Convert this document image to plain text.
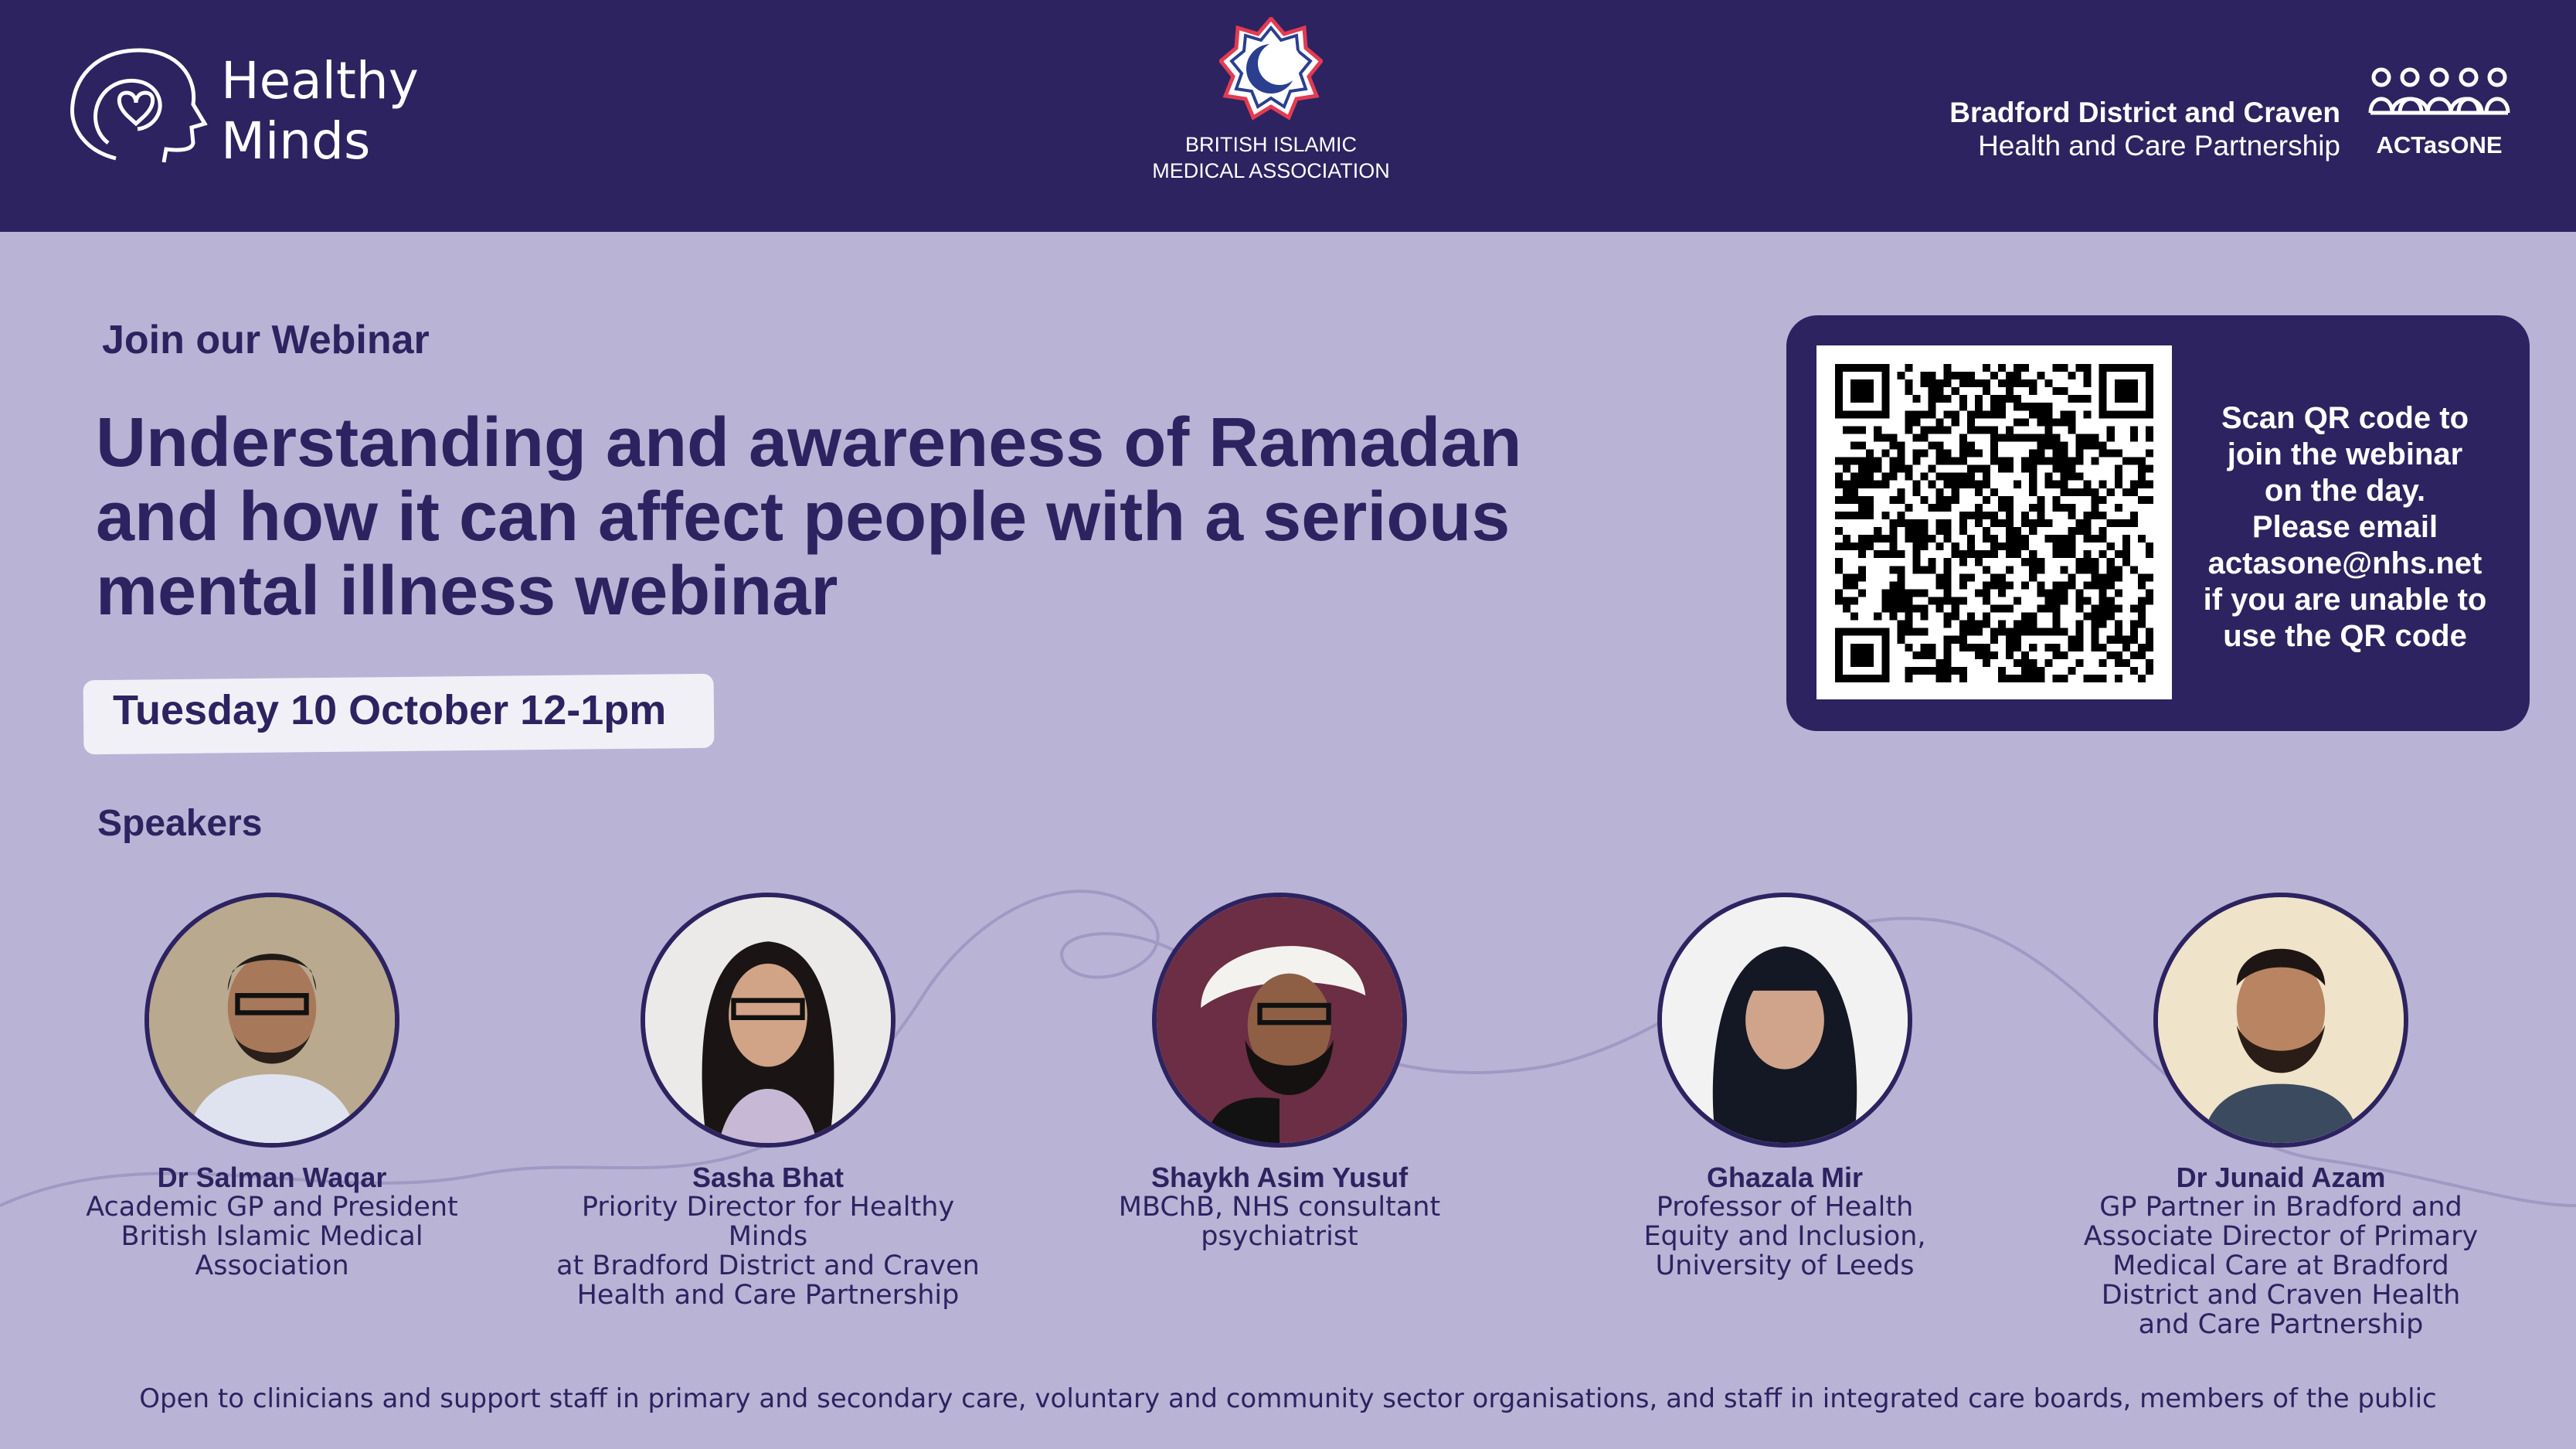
Healthy
Minds	BRITISH ISLAMIC
MEDICAL ASSOCIATION
Bradford District and Craven
Health and Care Partnership	ACTasONE
Join our Webinar
Understanding and awareness of Ramadan
and how it can affect people with a serious
mental illness webinar
Tuesday 10 October 12-1pm
Speakers
Scan QR code to
join the webinar
on the day.
Please email
actasone@nhs.net
if you are unable to
use the QR code
Dr Salman Waqar
Academic GP and President
British Islamic Medical
Association
Sasha Bhat
Priority Director for Healthy Minds
at Bradford District and Craven
Health and Care Partnership
Shaykh Asim Yusuf
MBChB, NHS consultant
psychiatrist
Ghazala Mir
Professor of Health
Equity and Inclusion,
University of Leeds
Dr Junaid Azam
GP Partner in Bradford and
Associate Director of Primary
Medical Care at Bradford
District and Craven Health
and Care Partnership
Open to clinicians and support staff in primary and secondary care, voluntary and community sector organisations, and staff in integrated care boards, members of the public
